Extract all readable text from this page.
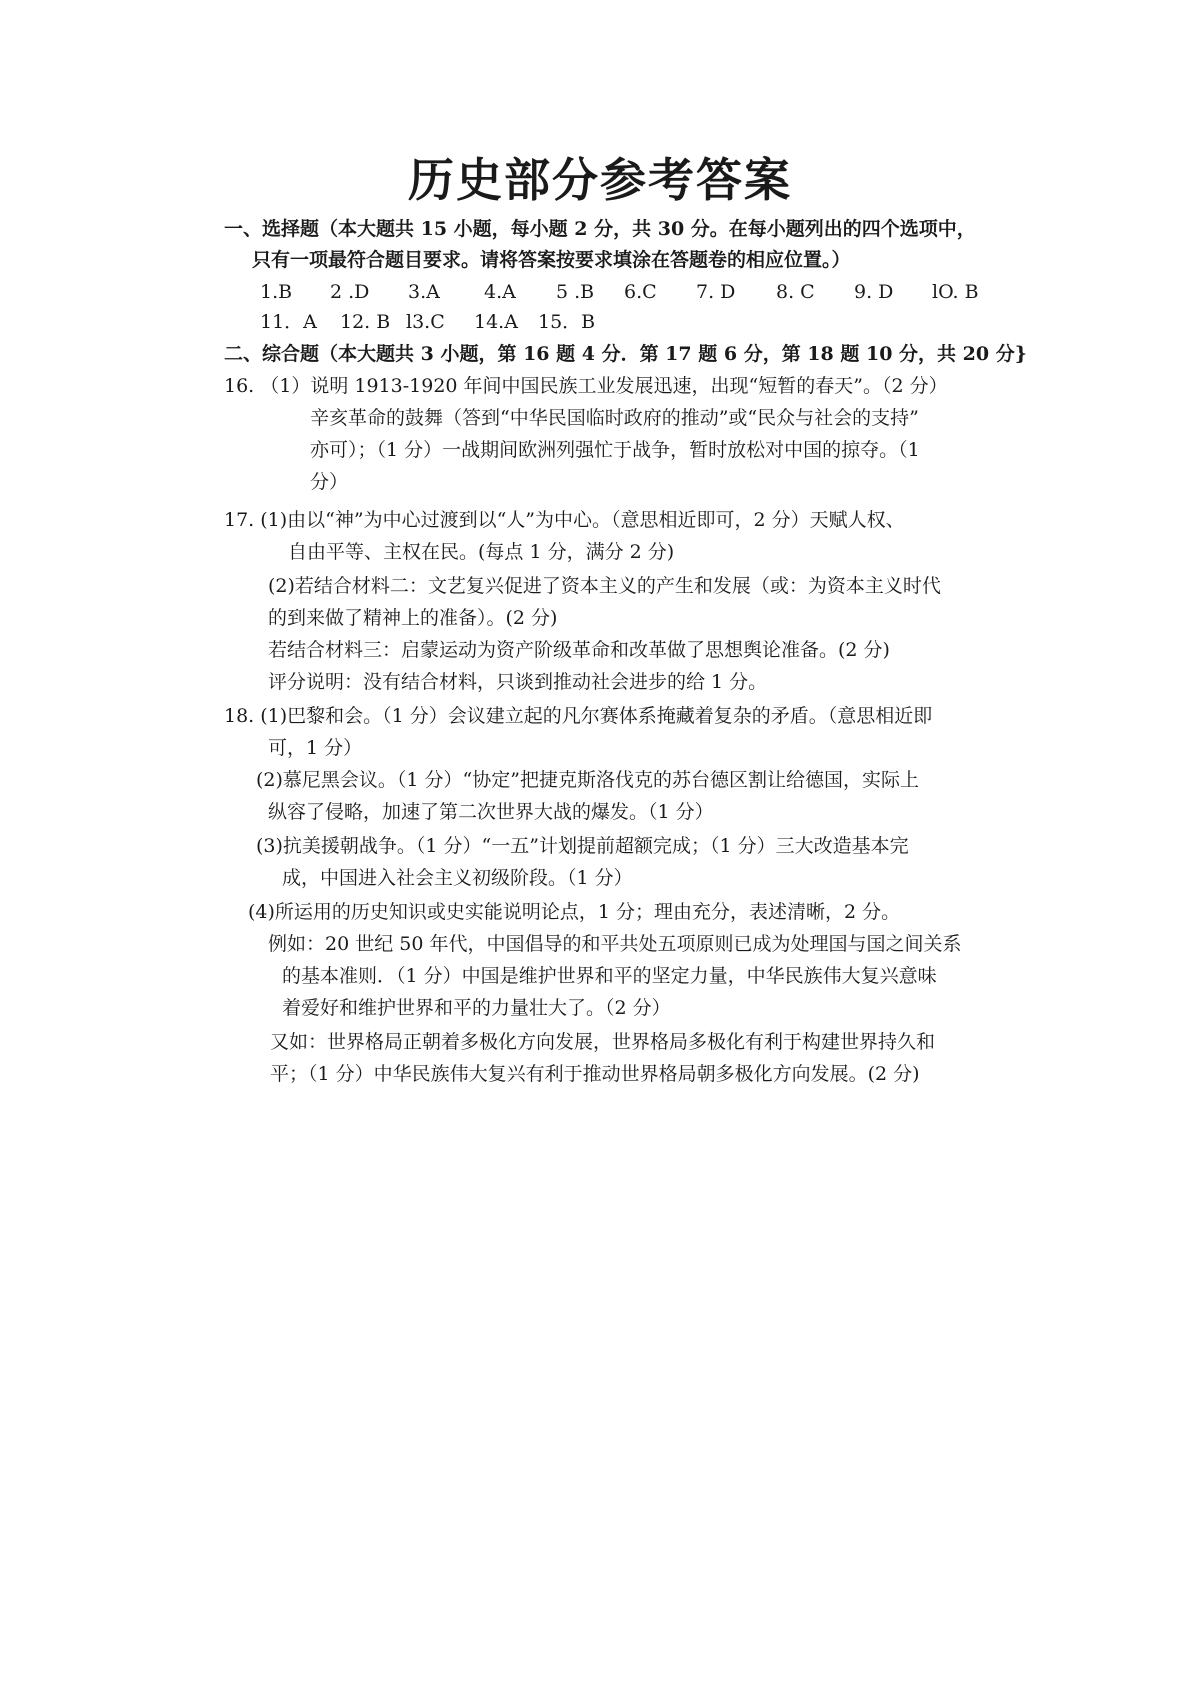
历史部分参考答案
一、选择题（本大题共 15 小题，每小题 2 分，共 30 分。在每小题列出的四个选项中，
只有一项最符合题目要求。请将答案按要求填涂在答题卷的相应位置。）
1.B 2 .D 3.A 4.A 5 .B 6.C 7. D 8. C 9. D lO. B
11．A 12. B l3.C 14.A 15．B
二、综合题（本大题共 3 小题，第 16 题 4 分．第 17 题 6 分，第 18 题 10 分，共 20 分}
16. （1）说明 1913-1920 年间中国民族工业发展迅速，出现“短暂的春天”。（2 分）
辛亥革命的鼓舞（答到“中华民国临时政府的推动”或“民众与社会的支持”
亦可）；（1 分）一战期间欧洲列强忙于战争，暂时放松对中国的掠夺。（1
分）
17. (1)由以“神”为中心过渡到以“人”为中心。（意思相近即可，2 分）天赋人权、
自由平等、主权在民。(每点 1 分，满分 2 分)
(2)若结合材料二：文艺复兴促进了资本主义的产生和发展（或：为资本主义时代
的到来做了精神上的准备）。(2 分)
若结合材料三：启蒙运动为资产阶级革命和改革做了思想舆论准备。(2 分)
评分说明：没有结合材料，只谈到推动社会进步的给 1 分。
18. (1)巴黎和会。（1 分）会议建立起的凡尔赛体系掩藏着复杂的矛盾。（意思相近即
可，1 分）
(2)慕尼黑会议。（1 分）“协定”把捷克斯洛伐克的苏台德区割让给德国，实际上
纵容了侵略，加速了第二次世界大战的爆发。（1 分）
(3)抗美援朝战争。（1 分）“一五”计划提前超额完成；（1 分）三大改造基本完
成，中国进入社会主义初级阶段。（1 分）
(4)所运用的历史知识或史实能说明论点，1 分；理由充分，表述清晰，2 分。
例如：20 世纪 50 年代，中国倡导的和平共处五项原则已成为处理国与国之间关系
的基本准则．（1 分）中国是维护世界和平的坚定力量，中华民族伟大复兴意味
着爱好和维护世界和平的力量壮大了。（2 分）
又如：世界格局正朝着多极化方向发展，世界格局多极化有利于构建世界持久和
平；（1 分）中华民族伟大复兴有利于推动世界格局朝多极化方向发展。(2 分)
